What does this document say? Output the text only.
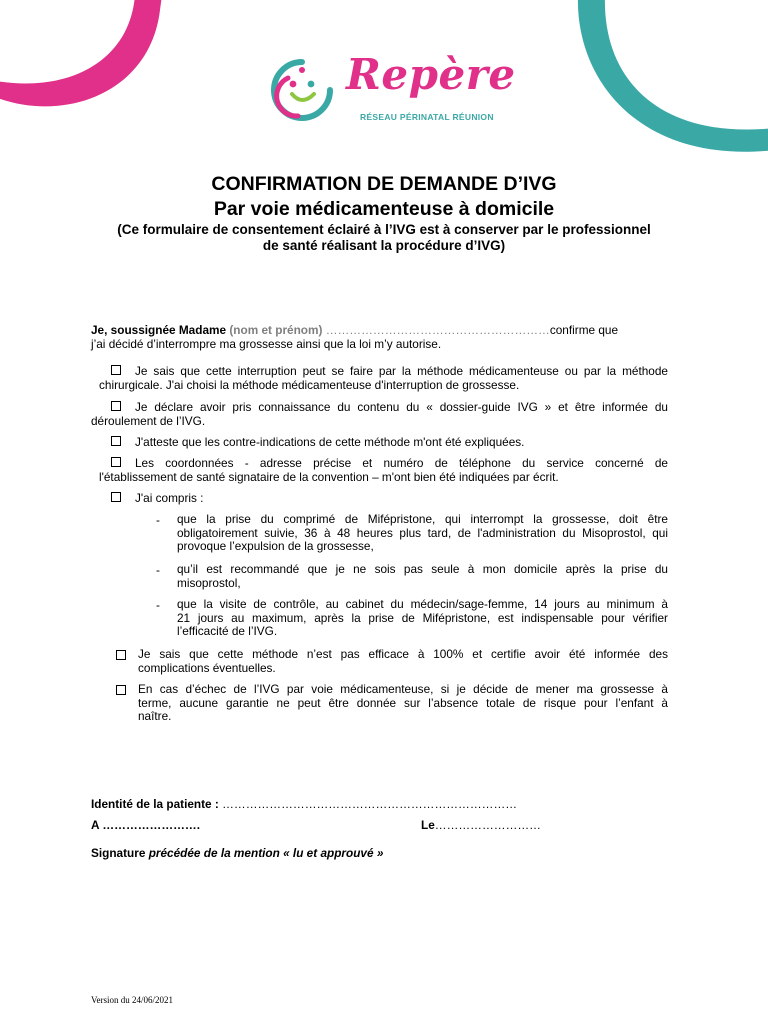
Repère
RÉSEAU PÉRINATAL RÉUNION
CONFIRMATION DE DEMANDE D’IVG
Par voie médicamenteuse à domicile
(Ce formulaire de consentement éclairé à l’IVG est à conserver par le professionnel
de santé réalisant la procédure d’IVG)
Je, soussignée Madame (nom et prénom) …………………………………………………confirme que
j’ai décidé d’interrompre ma grossesse ainsi que la loi m’y autorise.
Je sais que cette interruption peut se faire par la méthode médicamenteuse ou par la méthode
chirurgicale. J'ai choisi la méthode médicamenteuse d'interruption de grossesse.
Je déclare avoir pris connaissance du contenu du « dossier-guide IVG » et être informée du
déroulement de l’IVG.
J'atteste que les contre-indications de cette méthode m'ont été expliquées.
Les coordonnées - adresse précise et numéro de téléphone du service concerné de
l'établissement de santé signataire de la convention – m'ont bien été indiquées par écrit.
J'ai compris :
- que la prise du comprimé de Mifépristone, qui interrompt la grossesse, doit être
obligatoirement suivie, 36 à 48 heures plus tard, de l'administration du Misoprostol, qui
provoque l’expulsion de la grossesse,
- qu’il est recommandé que je ne sois pas seule à mon domicile après la prise du
misoprostol,
- que la visite de contrôle, au cabinet du médecin/sage-femme, 14 jours au minimum à
21 jours au maximum, après la prise de Mifépristone, est indispensable pour vérifier
l’efficacité de l’IVG.
Je sais que cette méthode n’est pas efficace à 100% et certifie avoir été informée des
complications éventuelles.
En cas d’échec de l’IVG par voie médicamenteuse, si je décide de mener ma grossesse à
terme, aucune garantie ne peut être donnée sur l’absence totale de risque pour l’enfant à
naître.
Identité de la patiente : …………………………………………………………………
A …………………….	Le………………………
Signature précédée de la mention « lu et approuvé »
Version du 24/06/2021
